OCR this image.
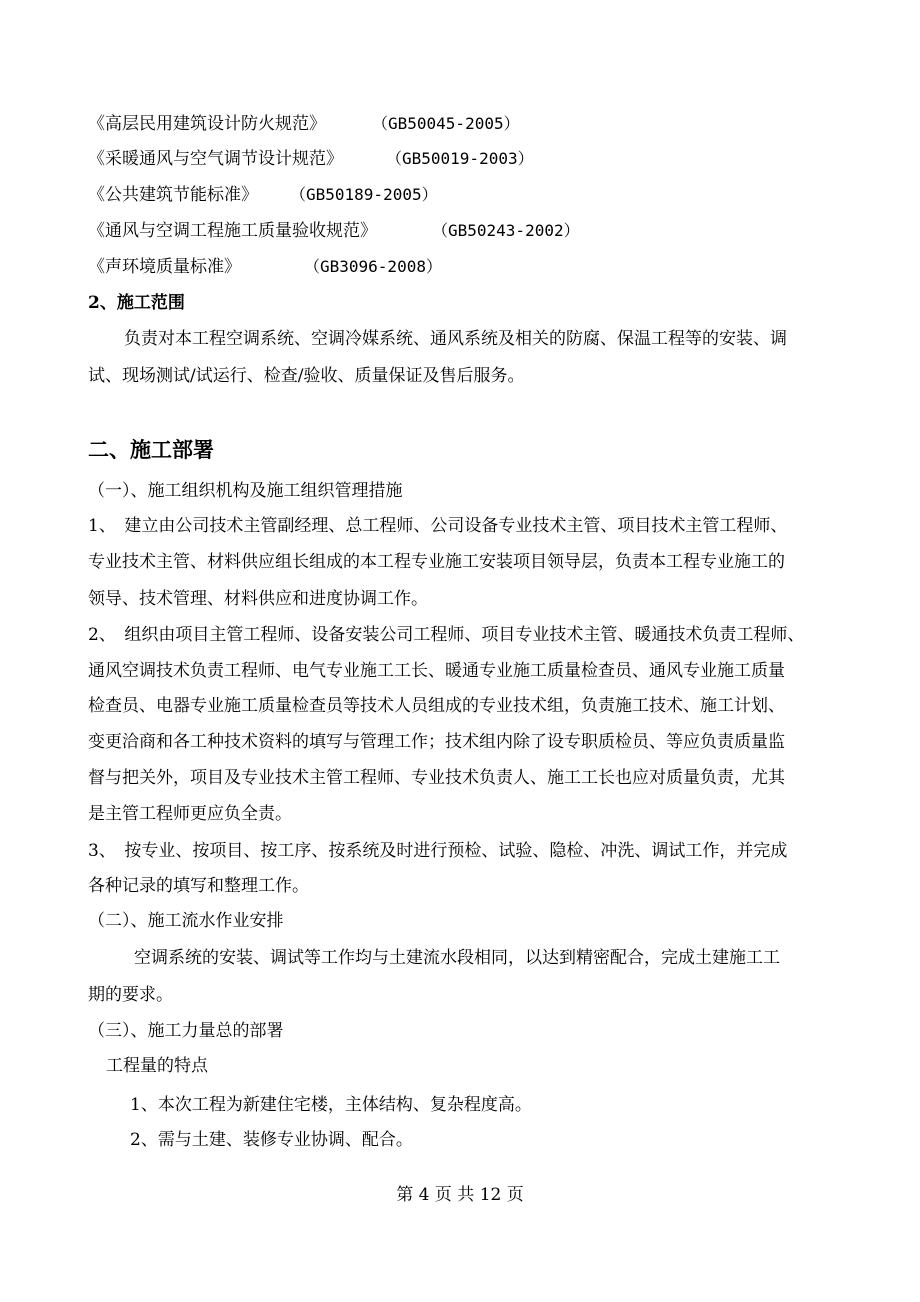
《高层民用建筑设计防火规范》	（GB50045-2005）
《采暖通风与空气调节设计规范》	（GB50019-2003）
《公共建筑节能标准》 （GB50189-2005）
《通风与空调工程施工质量验收规范》	（GB50243-2002）
《声环境质量标准》	（GB3096-2008）
2、施工范围
负责对本工程空调系统、空调冷媒系统、通风系统及相关的防腐、保温工程等的安装、调
试、现场测试/试运行、检查/验收、质量保证及售后服务。
二、施工部署
（一）、施工组织机构及施工组织管理措施
1、　建立由公司技术主管副经理、总工程师、公司设备专业技术主管、项目技术主管工程师、
专业技术主管、材料供应组长组成的本工程专业施工安装项目领导层，负责本工程专业施工的
领导、技术管理、材料供应和进度协调工作。
2、　组织由项目主管工程师、设备安装公司工程师、项目专业技术主管、暖通技术负责工程师、
通风空调技术负责工程师、电气专业施工工长、暖通专业施工质量检查员、通风专业施工质量
检查员、电器专业施工质量检查员等技术人员组成的专业技术组，负责施工技术、施工计划、
变更洽商和各工种技术资料的填写与管理工作；技术组内除了设专职质检员、等应负责质量监
督与把关外，项目及专业技术主管工程师、专业技术负责人、施工工长也应对质量负责，尤其
是主管工程师更应负全责。
3、　按专业、按项目、按工序、按系统及时进行预检、试验、隐检、冲洗、调试工作，并完成
各种记录的填写和整理工作。
（二）、施工流水作业安排
空调系统的安装、调试等工作均与土建流水段相同，以达到精密配合，完成土建施工工
期的要求。
（三）、施工力量总的部署
工程量的特点
1、本次工程为新建住宅楼，主体结构、复杂程度高。
2、需与土建、装修专业协调、配合。
第 4 页 共 12 页
